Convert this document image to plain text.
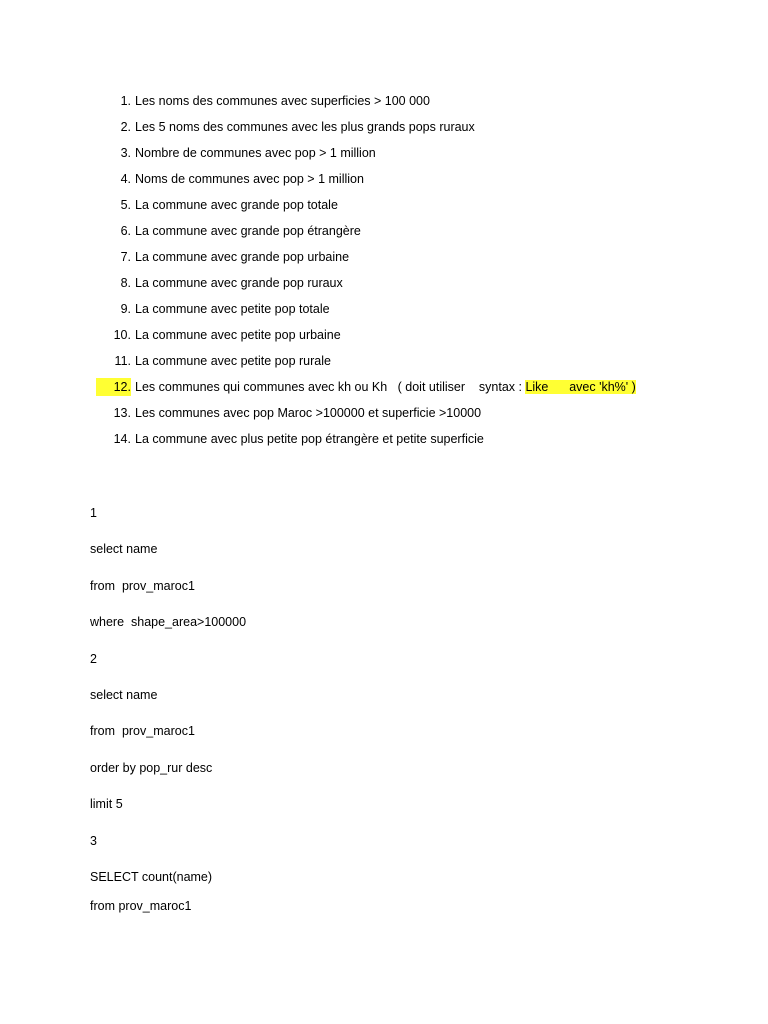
1. Les noms des communes avec superficies > 100 000
2. Les 5 noms des communes avec les plus grands pops ruraux
3. Nombre de communes avec pop > 1 million
4. Noms de communes avec pop > 1 million
5. La commune avec grande pop totale
6. La commune avec grande pop étrangère
7. La commune avec grande pop urbaine
8. La commune avec grande pop ruraux
9. La commune avec petite pop totale
10. La commune avec petite pop urbaine
11. La commune avec petite pop rurale
12. Les communes qui communes avec kh ou Kh   ( doit utiliser    syntax : Like      avec 'kh%' )
13. Les communes avec pop Maroc >100000 et superficie >10000
14. La commune avec plus petite pop étrangère et petite superficie
1
select name
from  prov_maroc1
where  shape_area>100000
2
select name
from  prov_maroc1
order by pop_rur desc
limit 5
3
SELECT count(name)
from prov_maroc1
